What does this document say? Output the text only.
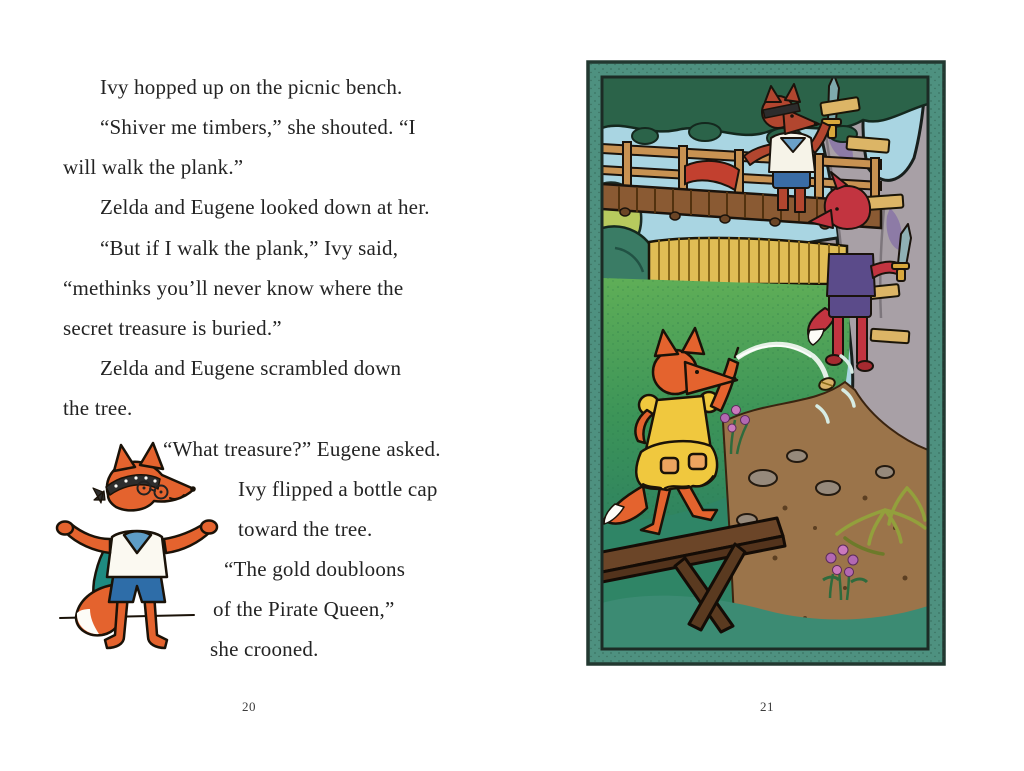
Ivy hopped up on the picnic bench.
“Shiver me timbers,” she shouted. “I
will walk the plank.”
Zelda and Eugene looked down at her.
“But if I walk the plank,” Ivy said,
“methinks you’ll never know where the
secret treasure is buried.”
Zelda and Eugene scrambled down
the tree.
“What treasure?” Eugene asked.
Ivy flipped a bottle cap
toward the tree.
“The gold doubloons
of the Pirate Queen,”
she crooned.
20	21
